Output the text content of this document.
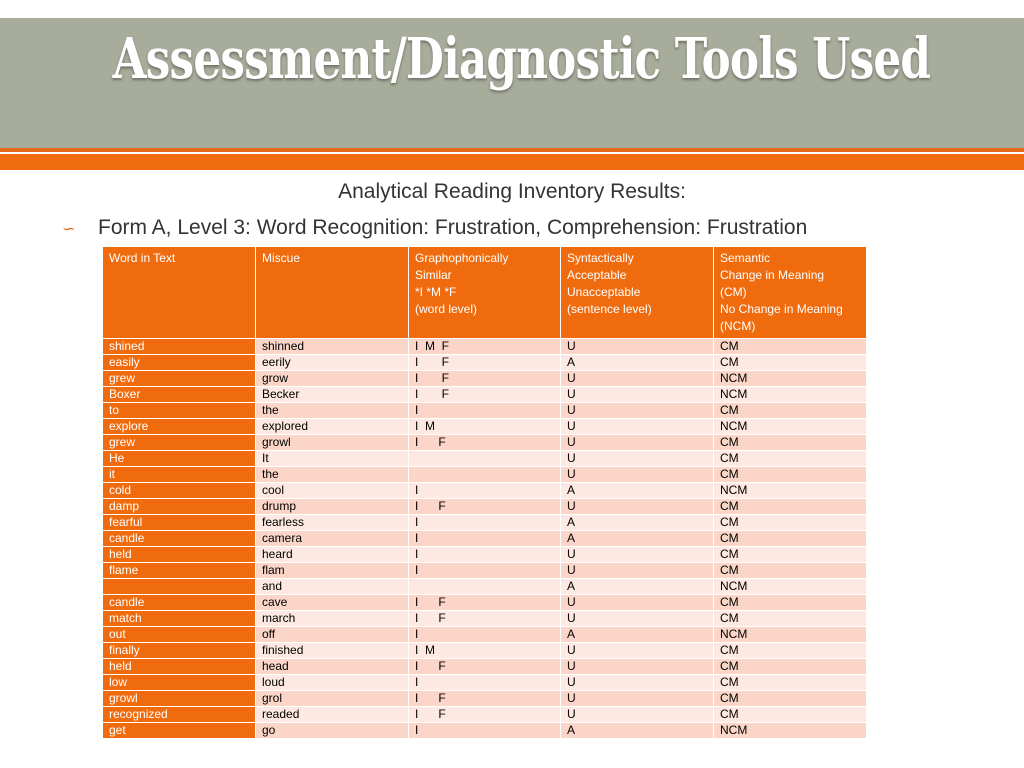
Assessment/Diagnostic Tools Used
Analytical Reading Inventory Results:
∽ Form A, Level 3: Word Recognition: Frustration, Comprehension: Frustration
Word in Text	Miscue	Graphophonically
Similar
*I *M *F
(word level)	Syntactically
Acceptable
Unacceptable
(sentence level)	Semantic
Change in Meaning
(CM)
No Change in Meaning
(NCM)

shined	shinned	I  M  F	U	CM
easily	eerily	I       F	A	CM
grew	grow	I       F	U	NCM
Boxer	Becker	I       F	U	NCM
to	the	I	U	CM
explore	explored	I  M	U	NCM
grew	growl	I      F	U	CM
He	It		U	CM
it	the		U	CM
cold	cool	I	A	NCM
damp	drump	I      F	U	CM
fearful	fearless	I	A	CM
candle	camera	I	A	CM
held	heard	I	U	CM
flame	flam	I	U	CM
	and		A	NCM
candle	cave	I      F	U	CM
match	march	I      F	U	CM
out	off	I	A	NCM
finally	finished	I  M	U	CM
held	head	I      F	U	CM
low	loud	I	U	CM
growl	grol	I      F	U	CM
recognized	readed	I      F	U	CM
get	go	I	A	NCM
